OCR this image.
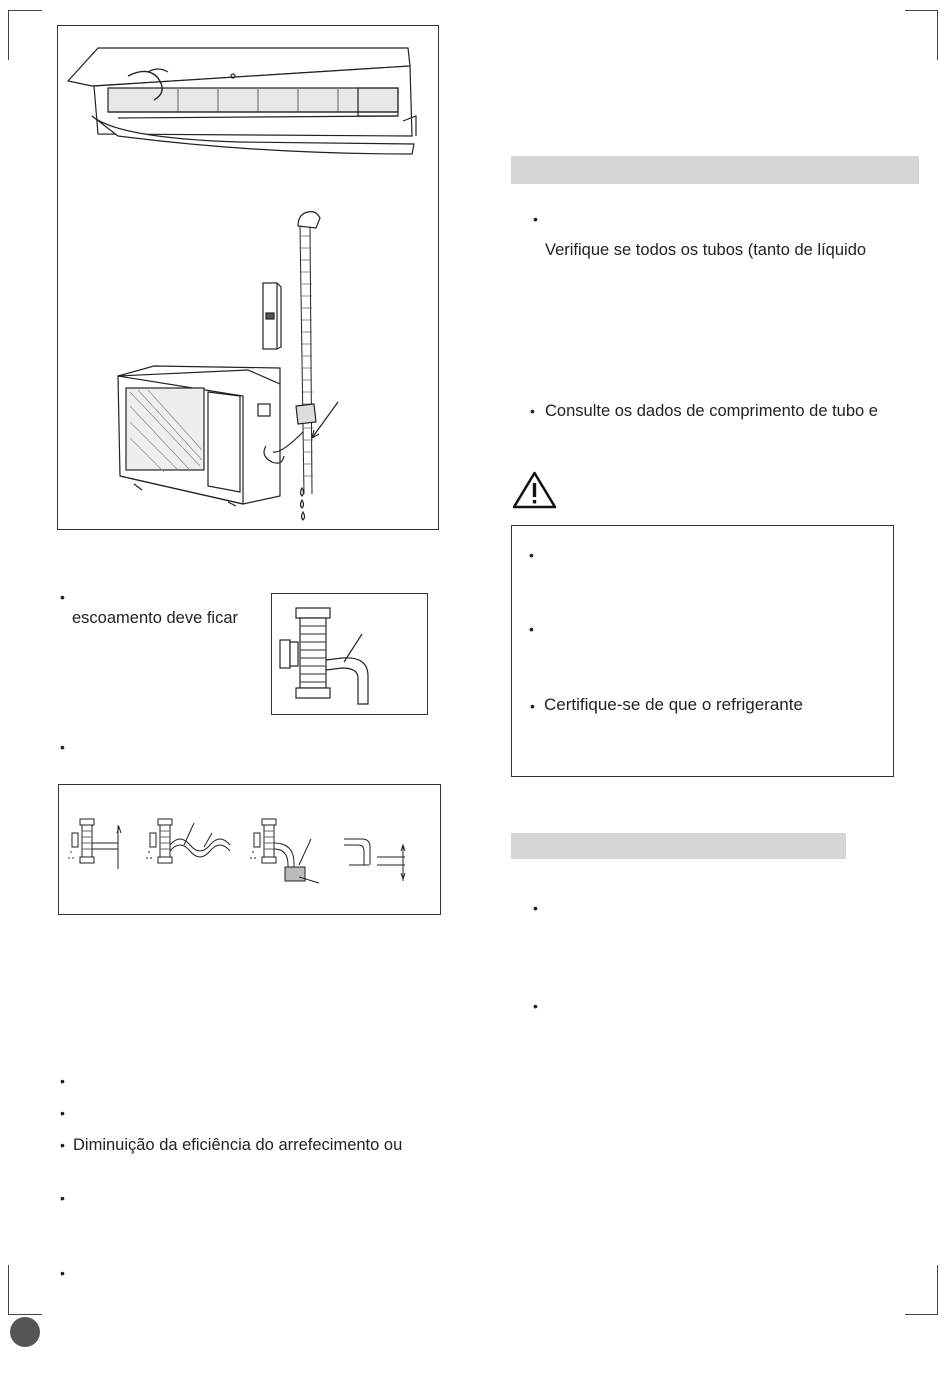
•
escoamento deve ficar
•
•
•
• Diminuição da eficiência do arrefecimento ou
•
•
•
Verifique se todos os tubos (tanto de líquido
• Consulte os dados de comprimento de tubo e
•
•
• Certifique-se de que o refrigerante
•
•
